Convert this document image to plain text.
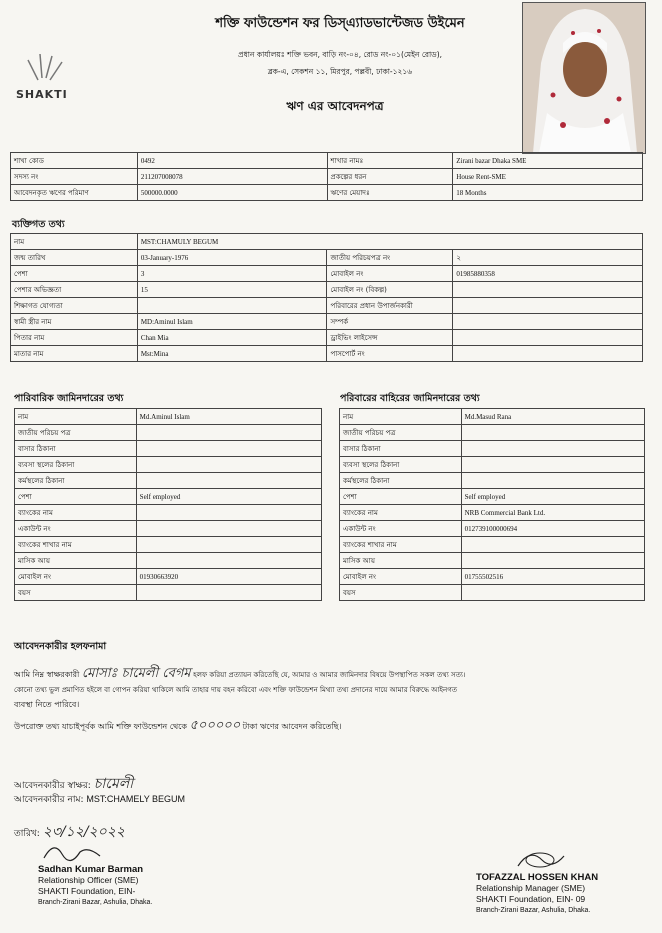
SHAKTI
শক্তি ফাউন্ডেশন ফর ডিস্‌এ্যাডভান্টেজড উইমেন
প্রধান কার্যালয়ঃ শক্তি ভবন, বাড়ি নং-০৪, রোড নং-০১(মেইন রোড),
ব্লক-এ, সেকশন ১১, মিরপুর, পল্লবী, ঢাকা-১২১৬
ঋণ এর আবেদনপত্র
শাখা কোড	0492	শাখার নামঃ	Zirani bazar Dhaka SME
সদস্য নং	211207008078	প্রকল্পের ধরন	House Rent-SME
আবেদনকৃত ঋণের পরিমাণ	500000.0000	ঋণের মেয়াদঃ	18 Months
ব্যক্তিগত তথ্য
নাম	MST:CHAMULY BEGUM		
জন্ম তারিখ	03-January-1976	জাতীয় পরিচয়পত্র নং	২
পেশা	3	মোবাইল নং	01985880358
পেশার অভিজ্ঞতা	15	মোবাইল নং (বিকল্প)	
শিক্ষাগত যোগ্যতা		পরিবারের প্রধান উপার্জনকারী	
স্বামী স্ত্রীর নাম	MD:Aminul Islam	সম্পর্ক	
পিতার নাম	Chan Mia	ড্রাইভিং লাইসেন্স	
মাতার নাম	Mst:Mina	পাসপোর্ট নং	
পারিবারিক জামিনদারের তথ্য	পরিবারের বাহিরের জামিনদারের তথ্য
নাম	Md.Aminul Islam
জাতীয় পরিচয় পত্র	
বাসার ঠিকানা	
ব্যবসা স্থলের ঠিকানা	
কর্মস্থলের ঠিকানা	
পেশা	Self employed
ব্যাংকের নাম	
একাউন্ট নং	
ব্যাংকের শাখার নাম	
মাসিক আয়	
মোবাইল নং	01930663920
বয়স	
নাম	Md.Masud Rana
জাতীয় পরিচয় পত্র	
বাসার ঠিকানা	
ব্যবসা স্থলের ঠিকানা	
কর্মস্থলের ঠিকানা	
পেশা	Self employed
ব্যাংকের নাম	NRB Commercial Bank Ltd.
একাউন্ট নং	012739100000694
ব্যাংকের শাখার নাম	
মাসিক আয়	
মোবাইল নং	01755502516
বয়স	
আবেদনকারীর হলফনামা
আমি নিম্ন স্বাক্ষরকারী মোসাঃ চামেলী বেগম হলফ করিয়া প্রত্যায়ন করিতেছি যে, আমার ও আমার জামিনদার বিষয়ে উপস্থাপিত সকল তথ্য সত্য।
কোনো তথ্য ভুল প্রমাণিত হইলে বা গোপন করিয়া থাকিলে আমি তাহার দায় বহন করিবো এবং শক্তি ফাউন্ডেশন মিথ্যা তথ্য প্রদানের দায়ে আমার বিরুদ্ধে আইনগত
ব্যবস্থা নিতে পারিবে।
উপরোক্ত তথ্য যাচাইপূর্বক আমি শক্তি ফাউন্ডেশন থেকে ৫০০০০০ টাকা ঋণের আবেদন করিতেছি।
আবেদনকারীর স্বাক্ষর: চামেলী
আবেদনকারীর নাম: MST:CHAMELY BEGUM
তারিখ: ২৩/১২/২০২২
Sadhan Kumar Barman
Relationship Officer (SME)
SHAKTI Foundation, EIN-
Branch-Zirani Bazar, Ashulia, Dhaka.
TOFAZZAL HOSSEN KHAN
Relationship Manager (SME)
SHAKTI Foundation, EIN- 09
Branch-Zirani Bazar, Ashulia, Dhaka.
